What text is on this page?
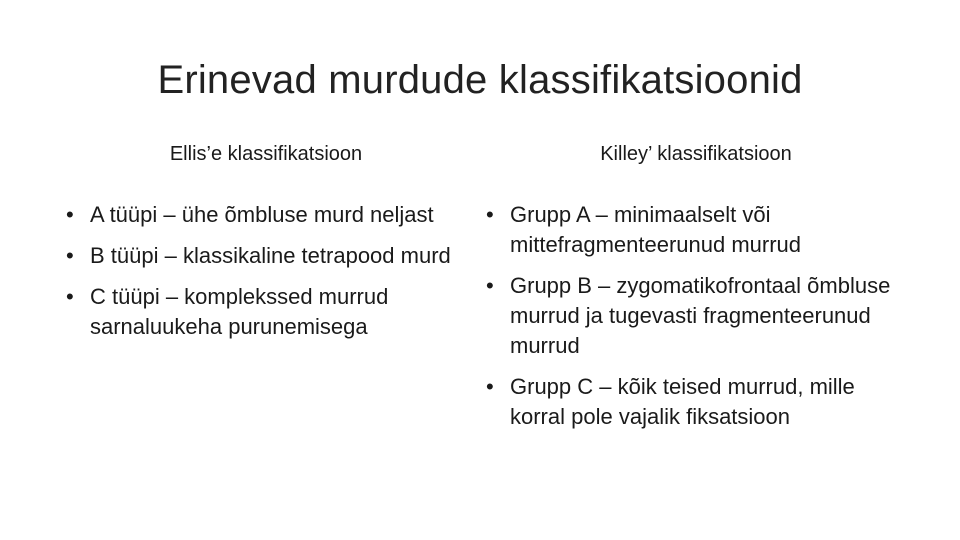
Erinevad murdude klassifikatsioonid
Ellis’e klassifikatsioon
• A tüüpi – ühe õmbluse murd neljast
• B tüüpi – klassikaline tetrapood murd
• C tüüpi – komplekssed murrud sarnaluukeha purunemisega
Killey’ klassifikatsioon
• Grupp A – minimaalselt või mittefragmenteerunud murrud
• Grupp B – zygomatikofrontaal õmbluse murrud ja tugevasti fragmenteerunud murrud
• Grupp C – kõik teised murrud, mille korral pole vajalik fiksatsioon
